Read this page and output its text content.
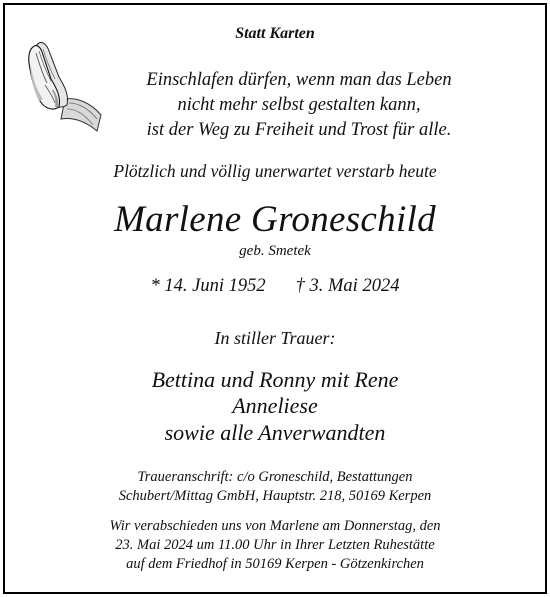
Statt Karten
Einschlafen dürfen, wenn man das Leben
nicht mehr selbst gestalten kann,
ist der Weg zu Freiheit und Trost für alle.
Plötzlich und völlig unerwartet verstarb heute
Marlene Groneschild
geb. Smetek
* 14. Juni 1952 † 3. Mai 2024
In stiller Trauer:
Bettina und Ronny mit Rene
Anneliese
sowie alle Anverwandten
Traueranschrift: c/o Groneschild, Bestattungen
Schubert/Mittag GmbH, Hauptstr. 218, 50169 Kerpen
Wir verabschieden uns von Marlene am Donnerstag, den
23. Mai 2024 um 11.00 Uhr in Ihrer Letzten Ruhestätte
auf dem Friedhof in 50169 Kerpen - Götzenkirchen
